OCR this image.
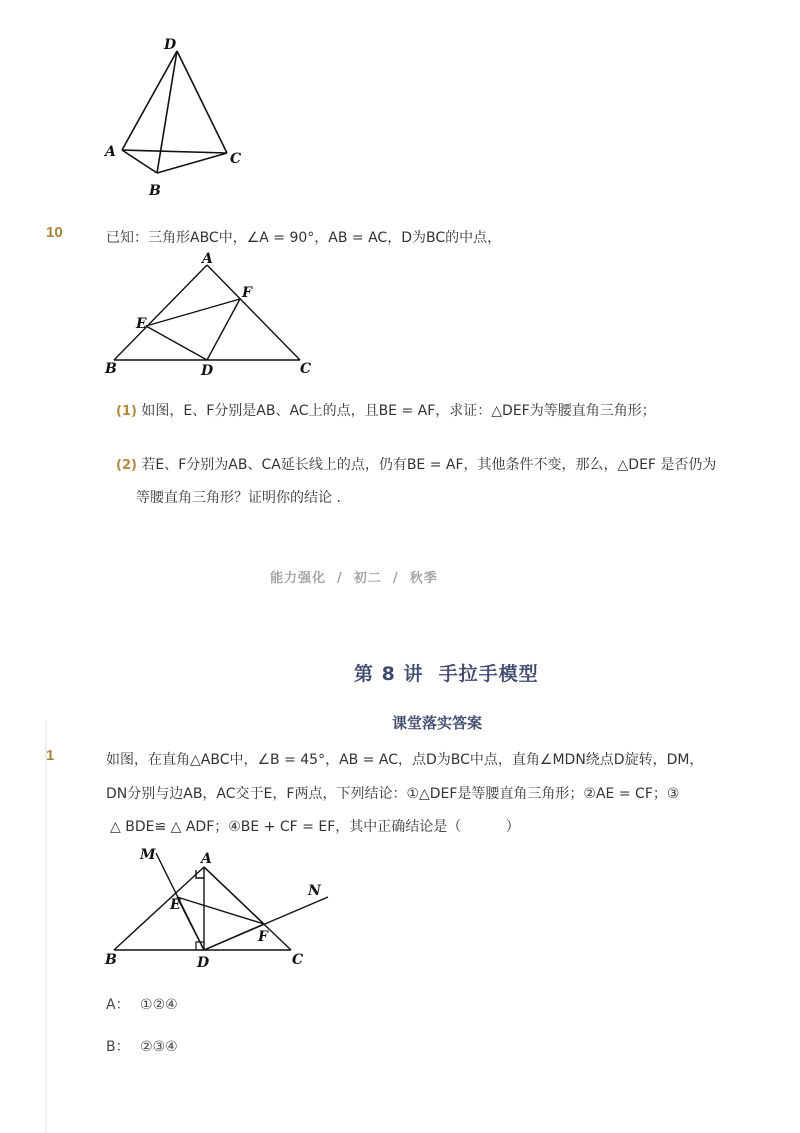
D
A	C
B
10	已知：三角形ABC中，∠A = 90°，AB = AC，D为BC的中点，
A
F
E
B	D	C
(1) 如图，E、F分别是AB、AC上的点，且BE = AF，求证：△DEF为等腰直角三角形；
(2) 若E、F分别为AB、CA延长线上的点，仍有BE = AF，其他条件不变，那么，△DEF 是否仍为
等腰直角三角形？证明你的结论 .
能力强化  /  初二  /  秋季
第 8 讲  手拉手模型
课堂落实答案
1	如图，在直角△ABC中，∠B = 45°，AB = AC，点D为BC中点，直角∠MDN绕点D旋转，DM，
DN分别与边AB，AC交于E，F两点，下列结论：①△DEF是等腰直角三角形；②AE = CF；③
△ BDE≌ △ ADF；④BE + CF = EF，其中正确结论是（          ）
M	A
N
E
F
B	D	C
A： ①②④
B： ②③④
